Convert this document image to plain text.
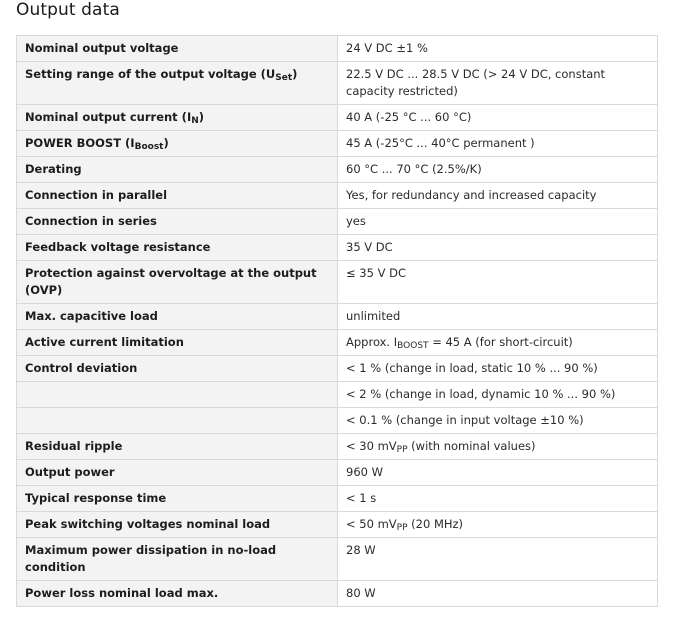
Output data
Nominal output voltage	24 V DC ±1 %
Setting range of the output voltage $(U_{Set})$	22.5 V DC ... 28.5 V DC (> 24 V DC, constant capacity restricted)
Nominal output current $(I_N)$	40 A (-25 °C ... 60 °C)
POWER BOOST $(I_{Boost})$	45 A (-25°C ... 40°C permanent )
Derating	60 °C ... 70 °C (2.5%/K)
Connection in parallel	Yes, for redundancy and increased capacity
Connection in series	yes
Feedback voltage resistance	35 V DC
Protection against overvoltage at the output (OVP)	≤ 35 V DC
Max. capacitive load	unlimited
Active current limitation	Approx. $I_{BOOST} = 45$ A (for short-circuit)
Control deviation	< 1 % (change in load, static 10 % ... 90 %)
	< 2 % (change in load, dynamic 10 % ... 90 %)
	< 0.1 % (change in input voltage ±10 %)
Residual ripple	< 30 $mV_{PP}$ (with nominal values)
Output power	960 W
Typical response time	< 1 s
Peak switching voltages nominal load	< 50 $mV_{PP}$ (20 MHz)
Maximum power dissipation in no-load condition	28 W
Power loss nominal load max.	80 W
